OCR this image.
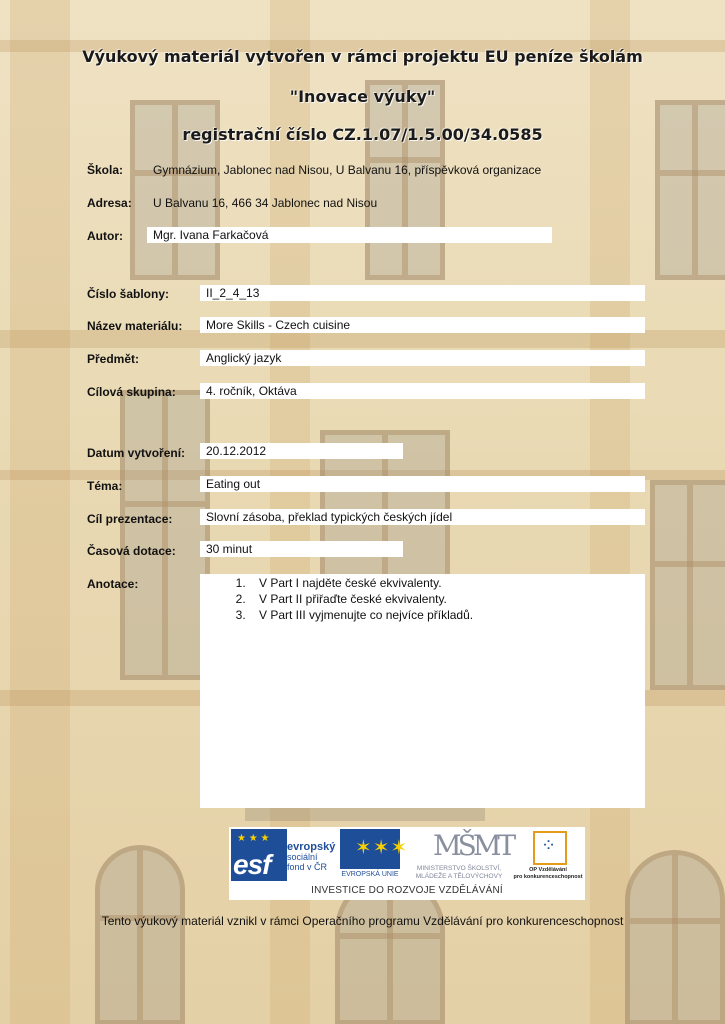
Výukový materiál vytvořen v rámci projektu EU peníze školám
"Inovace výuky"
registrační číslo CZ.1.07/1.5.00/34.0585
Škola: Gymnázium, Jablonec nad Nisou, U Balvanu 16, příspěvková organizace
Adresa: U Balvanu 16, 466 34 Jablonec nad Nisou
Autor:	Mgr. Ivana Farkačová
Číslo šablony:	II_2_4_13
Název materiálu:	More Skills - Czech cuisine
Předmět:	Anglický jazyk
Cílová skupina:	4. ročník, Oktáva
Datum vytvoření:	20.12.2012
Téma:	Eating out
Cíl prezentace:	Slovní zásoba, překlad typických českých jídel
Časová dotace:	30 minut
Anotace:
1.	V Part I najděte české ekvivalenty.
2. V Part II přiřaďte české ekvivalenty.
3. V Part III vyjmenujte co nejvíce příkladů.
★ ★ ★
esf
evropský
sociální
fond v ČR
✶✶✶
EVROPSKÁ UNIE
MŠMT
MINISTERSTVO ŠKOLSTVÍ,
MLÁDEŽE A TĚLOVÝCHOVY
⁘
OP Vzdělávání
pro konkurenceschopnost
INVESTICE DO ROZVOJE VZDĚLÁVÁNÍ
Tento výukový materiál vznikl v rámci Operačního programu Vzdělávání pro konkurenceschopnost
